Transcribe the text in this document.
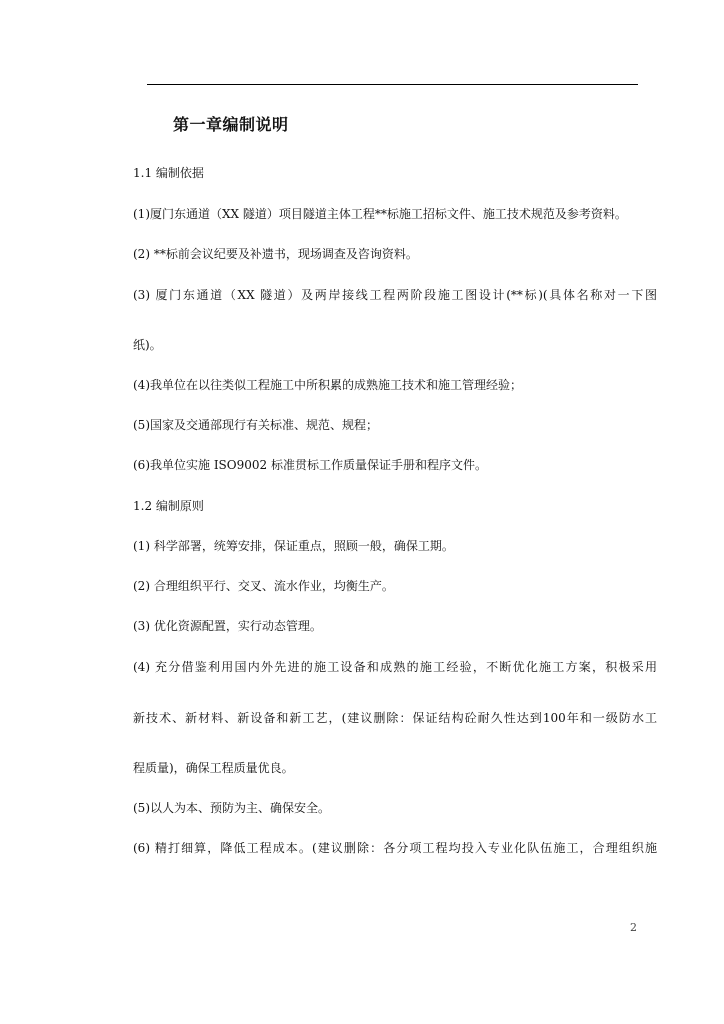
第一章编制说明
1.1 编制依据
(1)厦门东通道（XX 隧道）项目隧道主体工程**标施工招标文件、施工技术规范及参考资料。
(2) **标前会议纪要及补遗书，现场调查及咨询资料。
(3) 厦门东通道（XX 隧道）及两岸接线工程两阶段施工图设计(**标)(具体名称对一下图
纸)。
(4)我单位在以往类似工程施工中所积累的成熟施工技术和施工管理经验；
(5)国家及交通部现行有关标准、规范、规程；
(6)我单位实施 ISO9002 标准贯标工作质量保证手册和程序文件。
1.2 编制原则
(1) 科学部署，统筹安排，保证重点，照顾一般，确保工期。
(2) 合理组织平行、交叉、流水作业，均衡生产。
(3) 优化资源配置，实行动态管理。
(4) 充分借鉴利用国内外先进的施工设备和成熟的施工经验，不断优化施工方案，积极采用
新技术、新材料、新设备和新工艺，(建议删除：保证结构砼耐久性达到100年和一级防水工
程质量)，确保工程质量优良。
(5)以人为本、预防为主、确保安全。
(6) 精打细算，降低工程成本。(建议删除：各分项工程均投入专业化队伍施工，合理组织施
2
